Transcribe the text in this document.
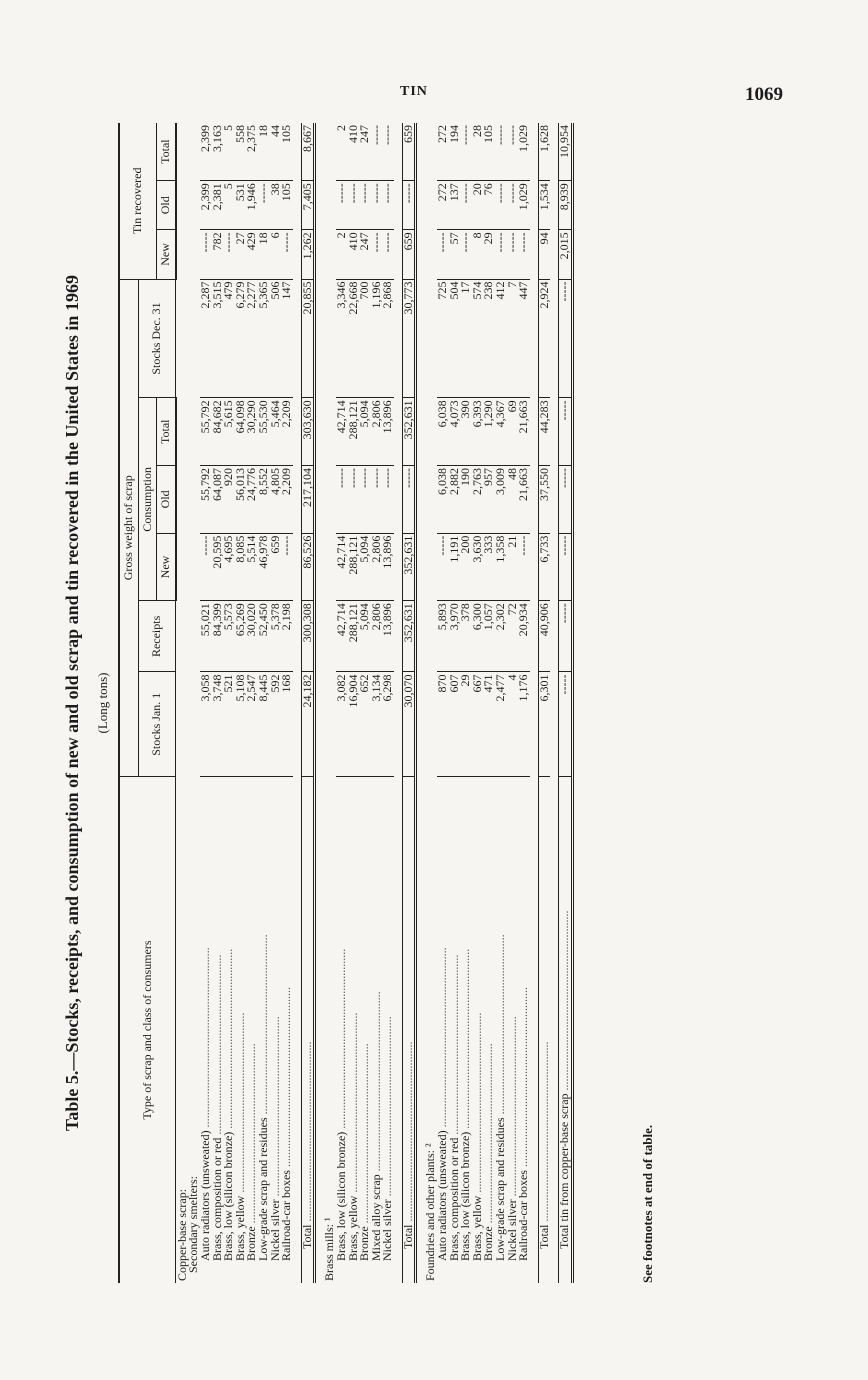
TIN	1069
Table 5.—Stocks, receipts, and consumption of new and old scrap and tin recovered in the United States in 1969 (Long tons)
Type of scrap and class of consumers	Gross weight of scrap						Tin recovered		
	Stocks Jan. 1	Receipts	Consumption			Stocks Dec. 31			
			New	Old	Total		New	Old	Total
Copper-base scrap:									
Secondary smelters:									
Auto radiators (unsweated) ............................................................	3,058	55,021	-----	55,792	55,792	2,287	-----	2,399	2,399
Brass, composition or red ............................................................	3,748	84,399	20,595	64,087	84,682	3,515	782	2,381	3,163
Brass, low (silicon bronze) ............................................................	521	5,573	4,695	920	5,615	479	-----	5	5
Brass, yellow ............................................................	5,108	65,269	8,085	56,013	64,098	6,279	27	531	558
Bronze ............................................................	2,547	30,020	5,514	24,776	30,290	2,277	429	1,946	2,375
Low-grade scrap and residues ............................................................	8,445	52,450	46,978	8,552	55,530	5,365	18	-----	18
Nickel silver ............................................................	592	5,378	659	4,805	5,464	506	6	38	44
Railroad-car boxes ............................................................	168	2,198	-----	2,209	2,209	147	-----	105	105

Total ............................................................	24,182	300,308	86,526	217,104	303,630	20,855	1,262	7,405	8,667

Brass mills: ¹									
Brass, low (silicon bronze) ............................................................	3,082	42,714	42,714	-----	42,714	3,346	2	-----	2
Brass, yellow ............................................................	16,904	288,121	288,121	-----	288,121	22,668	410	-----	410
Bronze ............................................................	652	5,094	5,094	-----	5,094	700	247	-----	247
Mixed alloy scrap ............................................................	3,134	2,806	2,806	-----	2,806	1,196	-----	-----	-----
Nickel silver ............................................................	6,298	13,896	13,896	-----	13,896	2,868	-----	-----	-----

Total ............................................................	30,070	352,631	352,631	-----	352,631	30,773	659	-----	659

Foundries and other plants: ²									
Auto radiators (unsweated) ............................................................	870	5,893	-----	6,038	6,038	725	-----	272	272
Brass, composition or red ............................................................	607	3,970	1,191	2,882	4,073	504	57	137	194
Brass, low (silicon bronze) ............................................................	29	378	200	190	390	17	-----	-----	-----
Brass, yellow ............................................................	667	6,300	3,630	2,763	6,393	574	8	20	28
Bronze ............................................................	471	1,057	333	957	1,290	238	29	76	105
Low-grade scrap and residues ............................................................	2,477	2,302	1,358	3,009	4,367	412	-----	-----	-----
Nickel silver ............................................................	4	72	21	48	69	7	-----	-----	-----
Railroad-car boxes ............................................................	1,176	20,934	-----	21,663	21,663	447	-----	1,029	1,029

Total ............................................................	6,301	40,906	6,733	37,550	44,283	2,924	94	1,534	1,628

Total tin from copper-base scrap ............................................................	-----	-----	-----	-----	-----	-----	2,015	8,939	10,954
See footnotes at end of table.
